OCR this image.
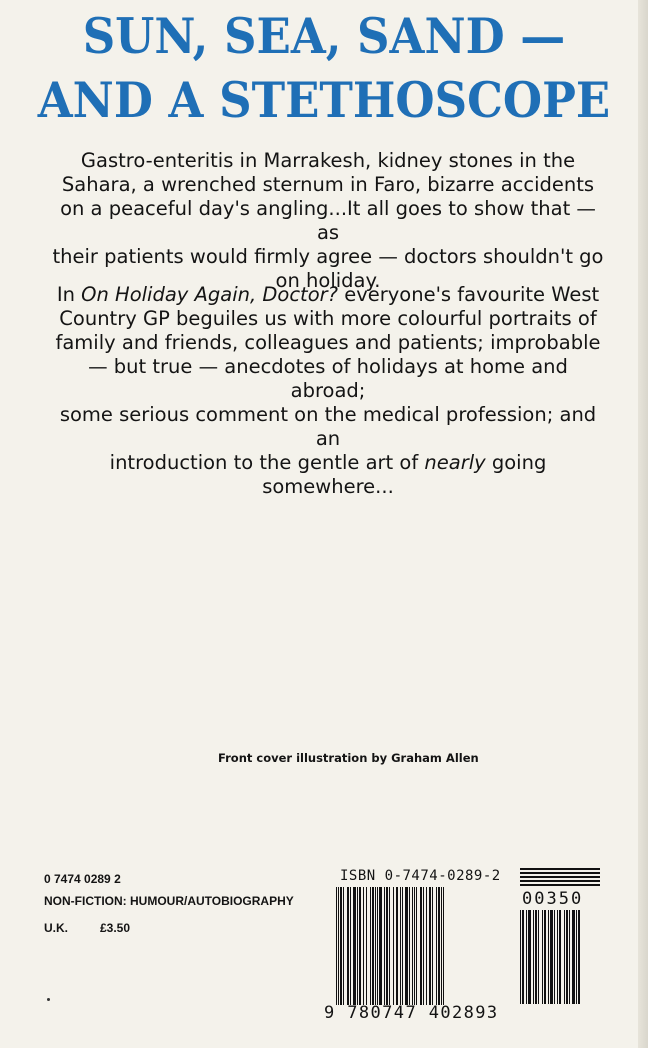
SUN, SEA, SAND —
AND A STETHOSCOPE
Gastro-enteritis in Marrakesh, kidney stones in the
Sahara, a wrenched sternum in Faro, bizarre accidents
on a peaceful day's angling...It all goes to show that — as
their patients would firmly agree — doctors shouldn't go
on holiday.
In On Holiday Again, Doctor? everyone's favourite West
Country GP beguiles us with more colourful portraits of
family and friends, colleagues and patients; improbable
— but true — anecdotes of holidays at home and abroad;
some serious comment on the medical profession; and an
introduction to the gentle art of nearly going
somewhere...
Front cover illustration by Graham Allen
0 7474 0289 2
NON-FICTION: HUMOUR/AUTOBIOGRAPHY
U.K.	£3.50
ISBN 0-7474-0289-2
9 780747 402893
00350
